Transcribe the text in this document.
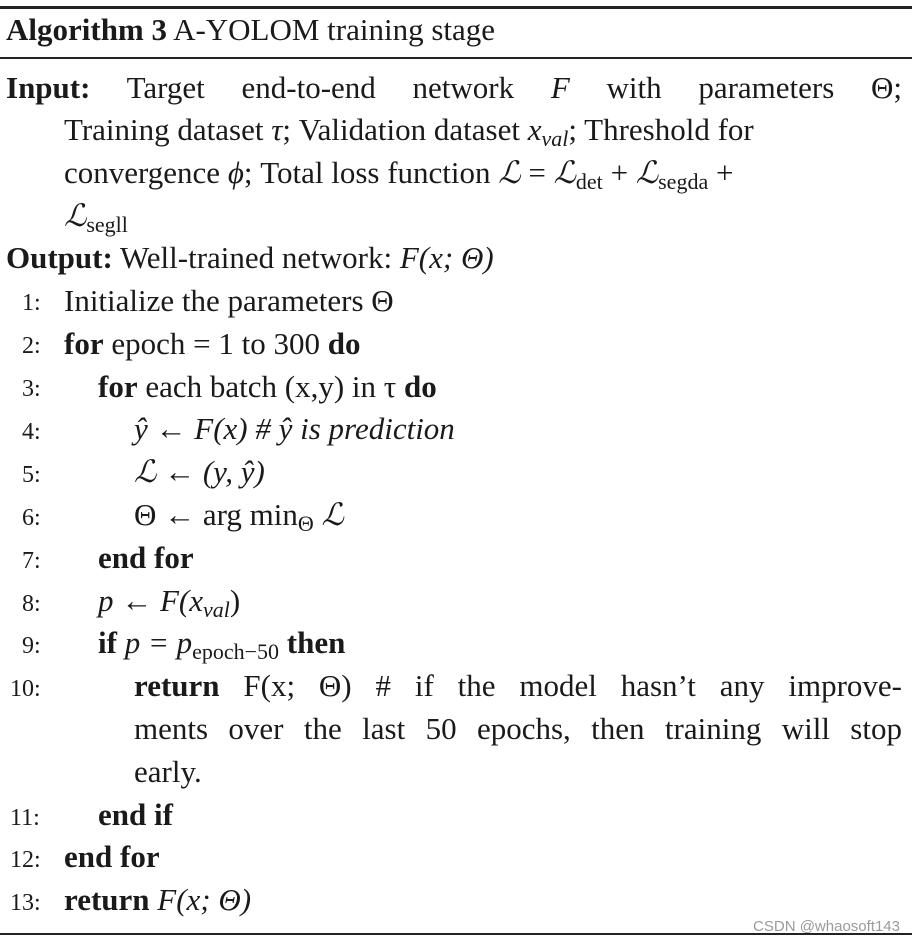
Algorithm 3 A-YOLOM training stage
Input: Target end-to-end network F with parameters Θ;
Training dataset τ; Validation dataset $x_{val}$; Threshold for
convergence ϕ; Total loss function ℒ = ℒ$_{det}$ + ℒ$_{segda}$ +
ℒ$_{segll}$
Output: Well-trained network: F(x; Θ)
1: Initialize the parameters Θ
2: for epoch = 1 to 300 do
3: for each batch (x,y) in τ do
4:	ŷ ← F(x) # ŷ is prediction
5:	ℒ ← (y, ŷ)
6:	Θ ← arg $\min_\Theta$ ℒ
7: end for
8: p ← $F(x_{val})$
9: if $p = p_{epoch-50}$ then
10:	return F(x; Θ) # if the model hasn’t any improve-
ments over the last 50 epochs, then training will stop
early.
11: end if
12: end for
13: return F(x; Θ)
CSDN @whaosoft143
